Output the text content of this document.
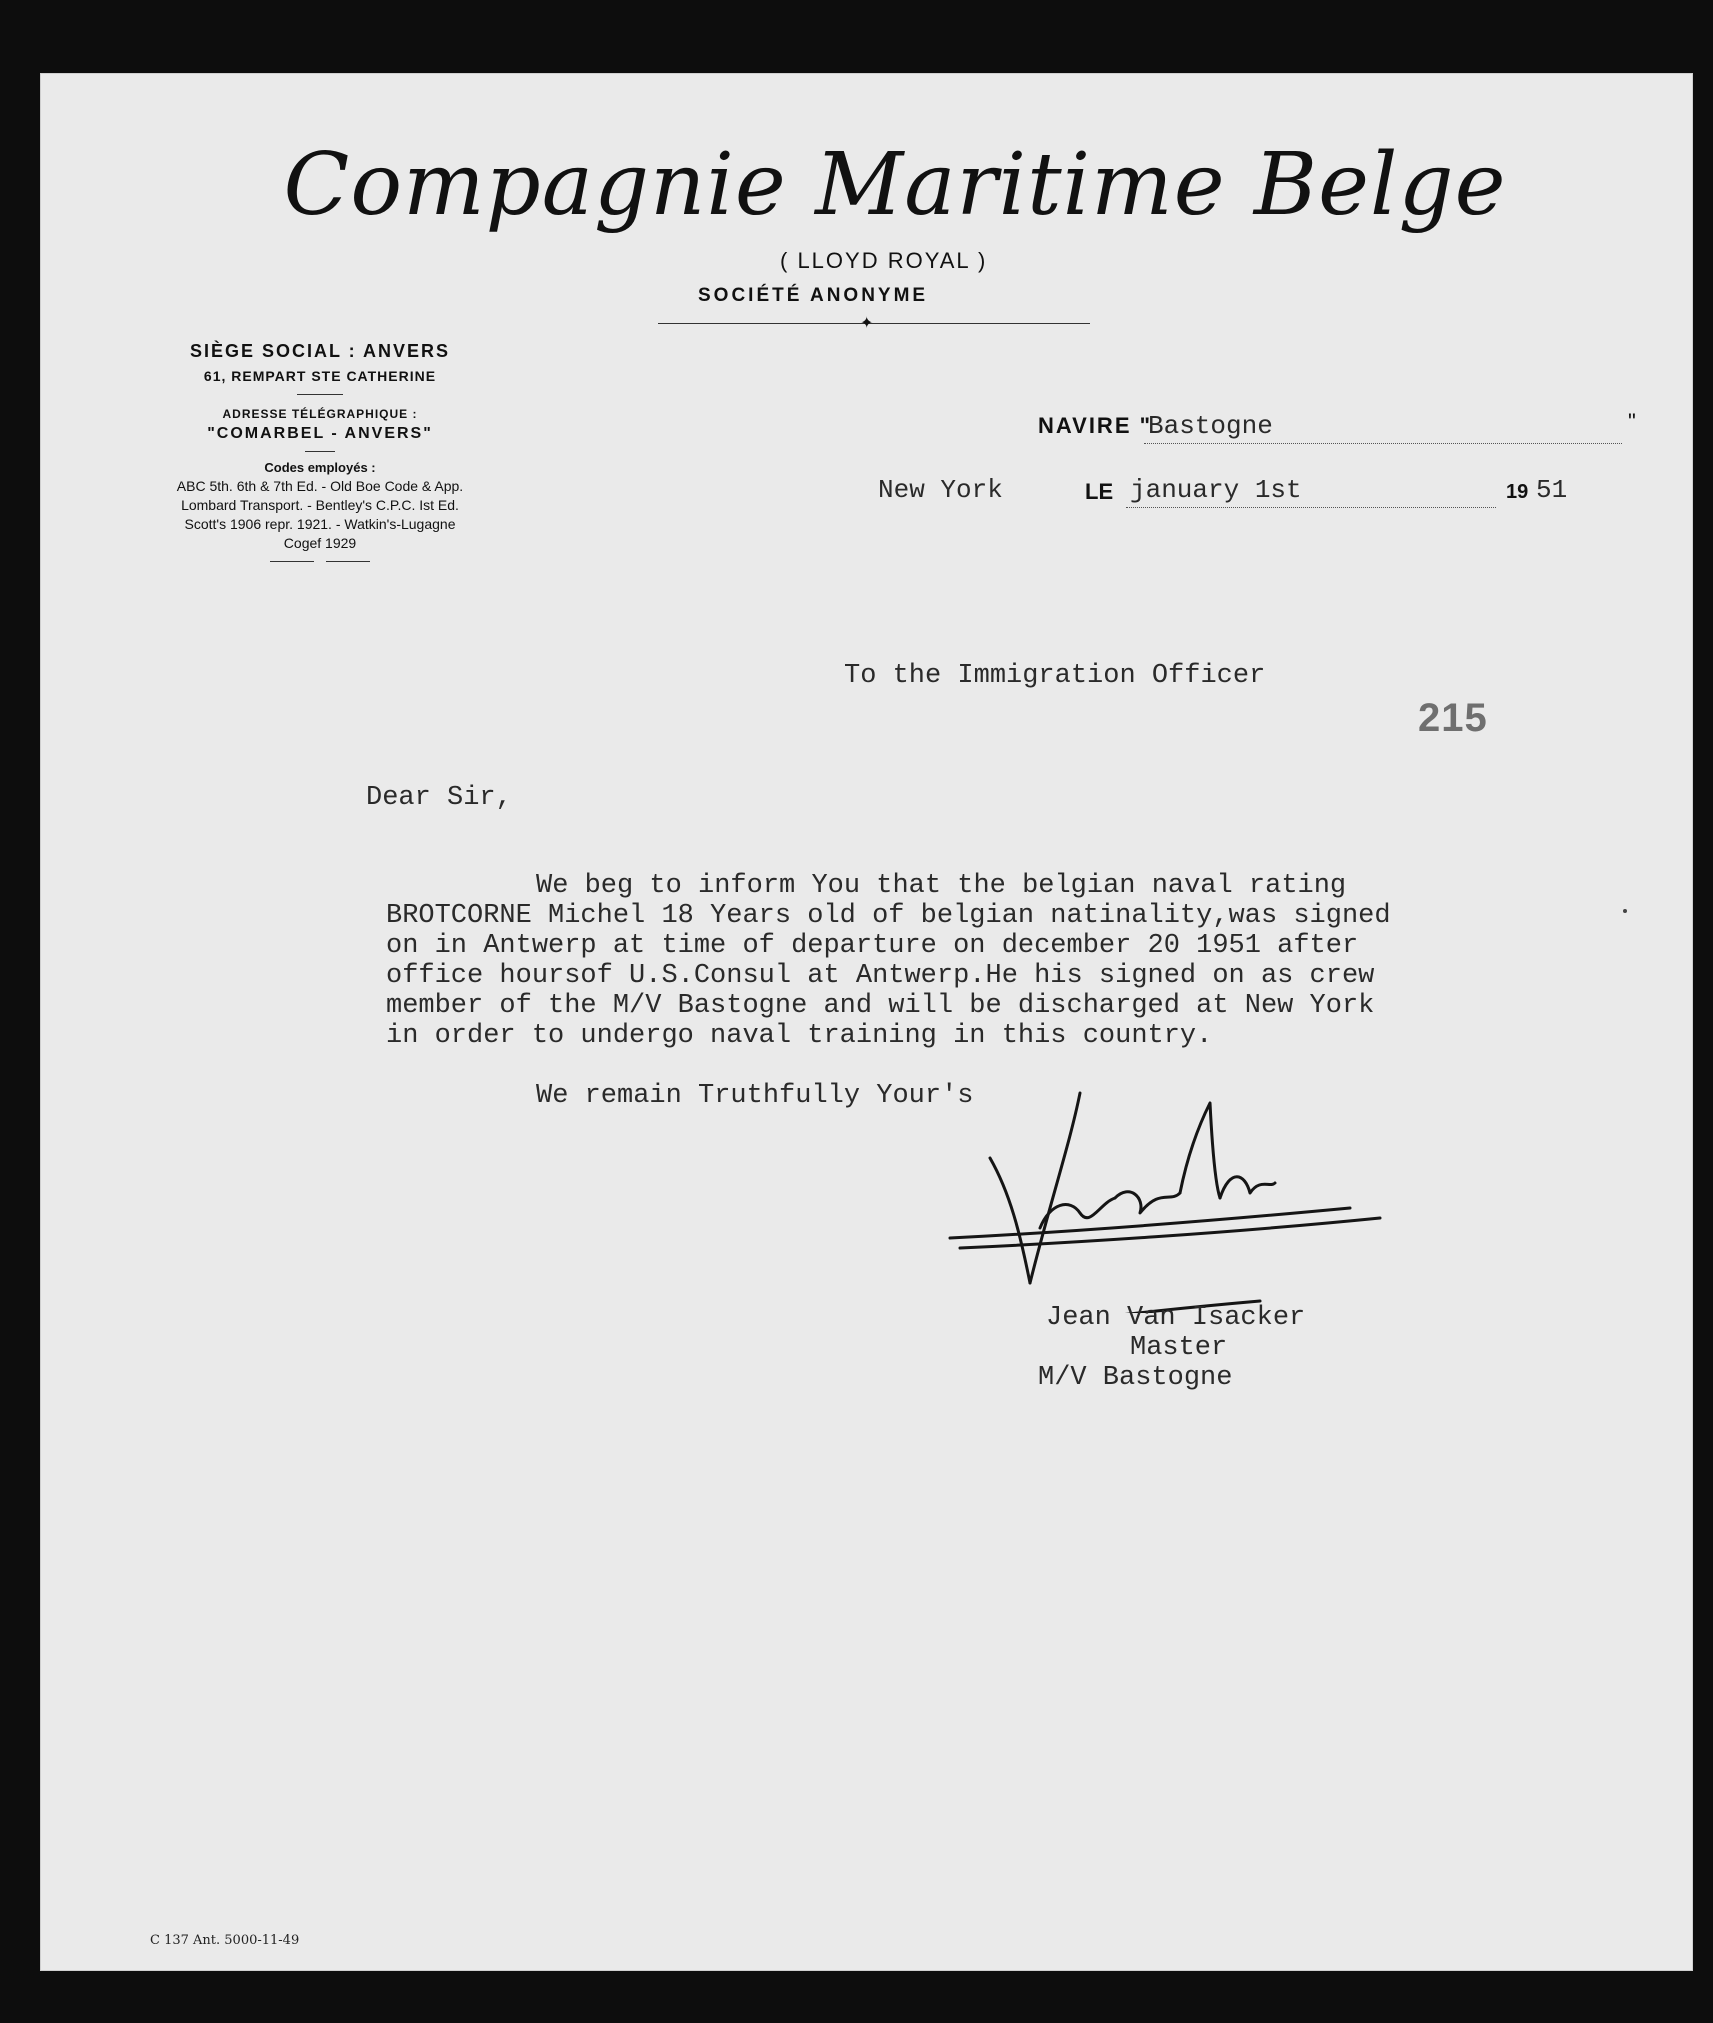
Compagnie Maritime Belge
( LLOYD ROYAL )
SOCIÉTÉ ANONYME
✦
SIÈGE SOCIAL : ANVERS
61, REMPART STE CATHERINE
ADRESSE TÉLÉGRAPHIQUE :
"COMARBEL - ANVERS"
Codes employés :
ABC 5th. 6th & 7th Ed. - Old Boe Code & App.
Lombard Transport. - Bentley's C.P.C. Ist Ed.
Scott's 1906 repr. 1921. - Watkin's-Lugagne
Cogef 1929
NAVIRE "
Bastogne	"
New York	LE january 1st	19 51
To the Immigration Officer
215
Dear Sir,
We beg to inform You that the belgian naval rating
BROTCORNE Michel 18 Years old of belgian natinality,was signed
on in Antwerp at time of departure on december 20 1951 after
office hoursof U.S.Consul at Antwerp.He his signed on as crew
member of the M/V Bastogne and will be discharged at New York
in order to undergo naval training in this country.
We remain Truthfully Your's
Jean Van Isacker
Master
M/V Bastogne
C 137 Ant. 5000-11-49
